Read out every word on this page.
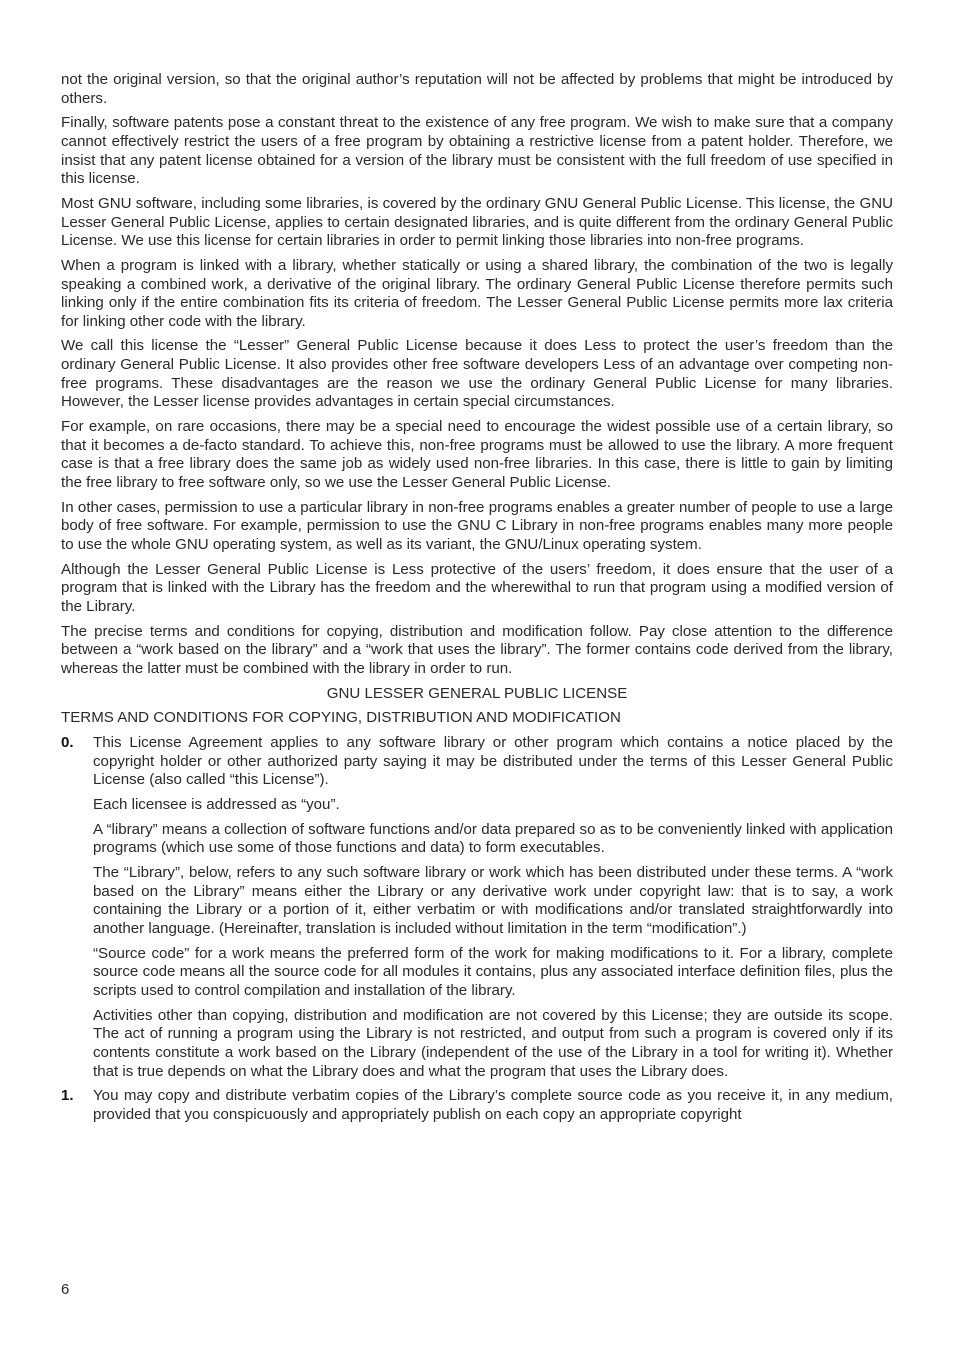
not the original version, so that the original author’s reputation will not be affected by problems that might be introduced by others.

Finally, software patents pose a constant threat to the existence of any free program. We wish to make sure that a company cannot effectively restrict the users of a free program by obtaining a restrictive license from a patent holder. Therefore, we insist that any patent license obtained for a version of the library must be consistent with the full freedom of use specified in this license.

Most GNU software, including some libraries, is covered by the ordinary GNU General Public License. This license, the GNU Lesser General Public License, applies to certain designated libraries, and is quite different from the ordinary General Public License. We use this license for certain libraries in order to permit linking those libraries into non-free programs.

When a program is linked with a library, whether statically or using a shared library, the combination of the two is legally speaking a combined work, a derivative of the original library. The ordinary General Public License therefore permits such linking only if the entire combination fits its criteria of freedom. The Lesser General Public License permits more lax criteria for linking other code with the library.

We call this license the “Lesser” General Public License because it does Less to protect the user’s freedom than the ordinary General Public License. It also provides other free software developers Less of an advantage over competing non-free programs. These disadvantages are the reason we use the ordinary General Public License for many libraries. However, the Lesser license provides advantages in certain special circumstances.

For example, on rare occasions, there may be a special need to encourage the widest possible use of a certain library, so that it becomes a de-facto standard. To achieve this, non-free programs must be allowed to use the library. A more frequent case is that a free library does the same job as widely used non-free libraries. In this case, there is little to gain by limiting the free library to free software only, so we use the Lesser General Public License.

In other cases, permission to use a particular library in non-free programs enables a greater number of people to use a large body of free software. For example, permission to use the GNU C Library in non-free programs enables many more people to use the whole GNU operating system, as well as its variant, the GNU/Linux operating system.

Although the Lesser General Public License is Less protective of the users’ freedom, it does ensure that the user of a program that is linked with the Library has the freedom and the wherewithal to run that program using a modified version of the Library.

The precise terms and conditions for copying, distribution and modification follow. Pay close attention to the difference between a “work based on the library” and a “work that uses the library”. The former contains code derived from the library, whereas the latter must be combined with the library in order to run.

GNU LESSER GENERAL PUBLIC LICENSE

TERMS AND CONDITIONS FOR COPYING, DISTRIBUTION AND MODIFICATION

0. This License Agreement applies to any software library or other program which contains a notice placed by the copyright holder or other authorized party saying it may be distributed under the terms of this Lesser General Public License (also called “this License”).

Each licensee is addressed as “you”.

A “library” means a collection of software functions and/or data prepared so as to be conveniently linked with application programs (which use some of those functions and data) to form executables.

The “Library”, below, refers to any such software library or work which has been distributed under these terms. A “work based on the Library” means either the Library or any derivative work under copyright law: that is to say, a work containing the Library or a portion of it, either verbatim or with modifications and/or translated straightforwardly into another language. (Hereinafter, translation is included without limitation in the term “modification”.)

“Source code” for a work means the preferred form of the work for making modifications to it. For a library, complete source code means all the source code for all modules it contains, plus any associated interface definition files, plus the scripts used to control compilation and installation of the library.

Activities other than copying, distribution and modification are not covered by this License; they are outside its scope. The act of running a program using the Library is not restricted, and output from such a program is covered only if its contents constitute a work based on the Library (independent of the use of the Library in a tool for writing it). Whether that is true depends on what the Library does and what the program that uses the Library does.

1. You may copy and distribute verbatim copies of the Library’s complete source code as you receive it, in any medium, provided that you conspicuously and appropriately publish on each copy an appropriate copyright

6
